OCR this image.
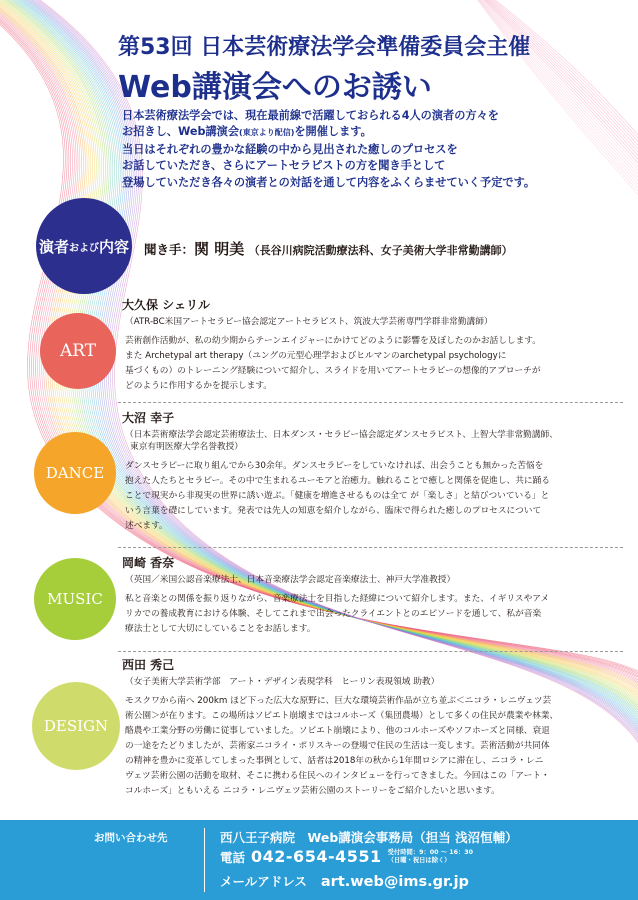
第53回 日本芸術療法学会準備委員会主催
Web講演会へのお誘い

日本芸術療法学会では、現在最前線で活躍しておられる4人の演者の方々を

お招きし、Web講演会(東京より配信)を開催します。

当日はそれぞれの豊かな経験の中から見出された癒しのプロセスを

お話していただき、さらにアートセラピストの方を聞き手として

登場していただき各々の演者との対話を通して内容をふくらませていく予定です。

演者 および 内容 聞き手：関 明美 （長谷川病院活動療法科、女子美術大学非常勤講師）
ART
DANCE
MUSIC
DESIGN
大久保 シェリル

（ATR-BC米国アートセラピー協会認定アートセラピスト、筑波大学芸術専門学群非常勤講師）

芸術創作活動が、私の幼少期からテーンエイジャーにかけてどのように影響を及ぼしたのかお話しします。

また Archetypal art therapy（ユングの元型心理学およびヒルマンのarchetypal psychologyに

基づくもの）のトレーニング経験について紹介し、スライドを用いてアートセラピーの想像的アプローチが

どのように作用するかを提示します。

大沼 幸子

（日本芸術療法学会認定芸術療法士、日本ダンス・セラピー協会認定ダンスセラピスト、上智大学非常勤講師、

東京有明医療大学名誉教授）

ダンスセラピーに取り組んでから30余年。ダンスセラピーをしていなければ、出会うことも無かった苦悩を

抱えた人たちとセラピー。その中で生まれるユーモアと治癒力。触れることで癒しと関係を促進し、共に踊る

ことで現実から非現実の世界に誘い遊ぶ。「健康を増進させるものは全て が「楽しさ」と結びついている」と

いう言葉を礎にしています。発表では先人の知恵を紹介しながら、臨床で得られた癒しのプロセスについて

述べます。

岡崎 香奈

（英国／米国公認音楽療法士、日本音楽療法学会認定音楽療法士、神戸大学准教授）

私と音楽との関係を振り返りながら、音楽療法士を目指した経緯について紹介します。また、イギリスやアメ

リカでの養成教育における体験、そしてこれまで出会ったクライエントとのエピソードを通して、私が音楽

療法士として大切にしていることをお話します。

西田 秀己

（女子美術大学芸術学部　アート・デザイン表現学科　ヒーリン表現領域 助教）

モスクワから南へ 200km ほど下った広大な原野に、巨大な環境芸術作品が立ち並ぶ＜ニコラ・レニヴェツ芸

術公園＞が在ります。この場所はソビエト崩壊まではコルホーズ（集団農場）として多くの住民が農業や林業、

酪農や工業分野の労働に従事していました。ソビエト崩壊により、他のコルホーズやソフホーズと同様、衰退

の一途をたどりましたが、芸術家ニコライ・ポリスキーの登場で住民の生活は一変します。芸術活動が共同体

の精神を豊かに変革してしまった事例として、話者は2018年の秋から1年間ロシアに滞在し、ニコラ・レニ

ヴェツ芸術公園の活動を取材、そこに携わる住民へのインタビューを行ってきました。今回はこの「アート・

コルホーズ」ともいえる ニコラ・レニヴェツ芸術公園のストーリーをご紹介したいと思います。

お問い合わせ先	西八王子病院　Web講演会事務局（担当 浅沼恒輔）
電話 042-654-4551 受付時間：9：00 ～ 16：30
（日曜・祝日は除く）
メールアドレス art.web@ims.gr.jp
